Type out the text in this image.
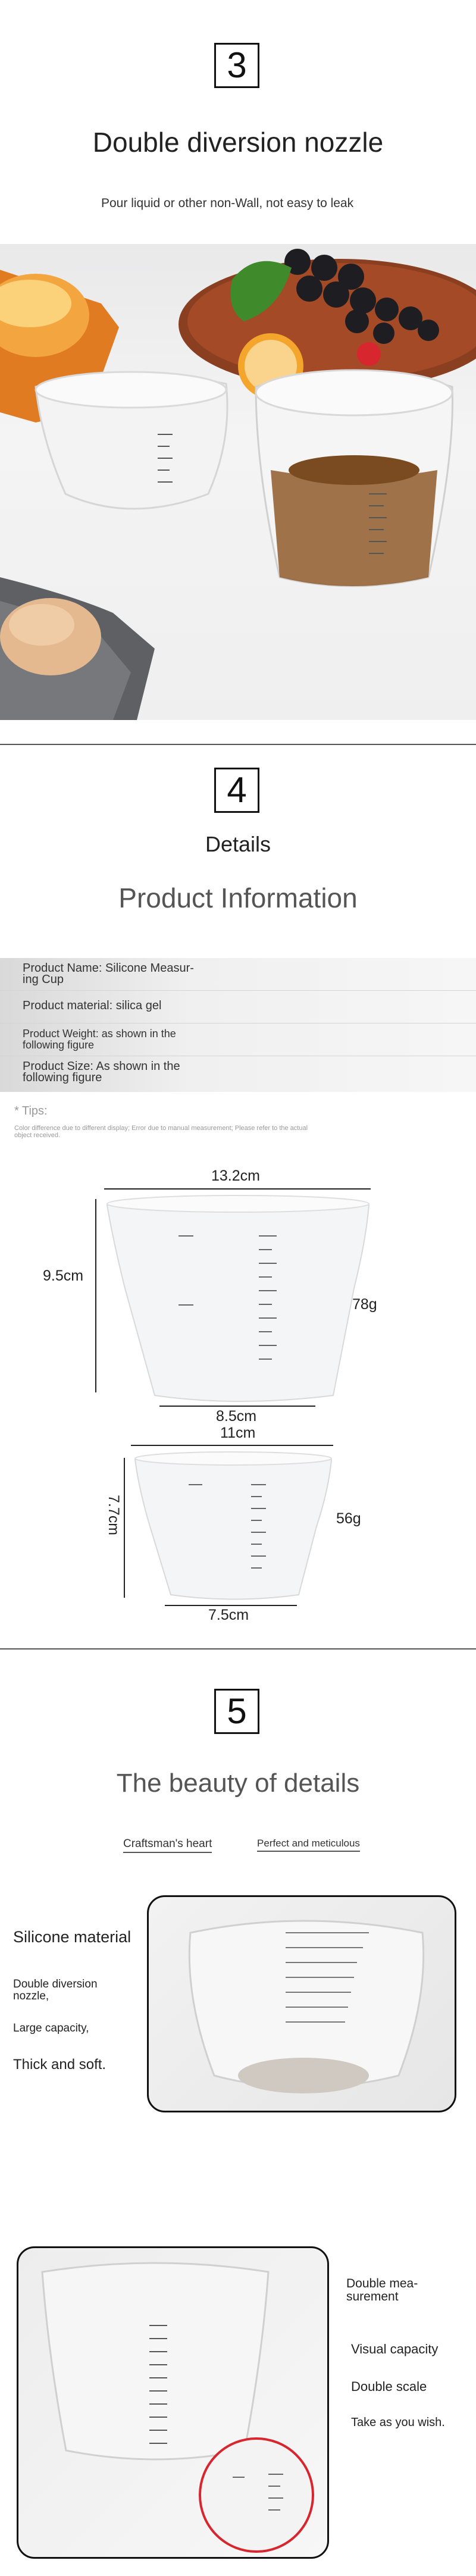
3
Double diversion nozzle
Pour liquid or other non-Wall, not easy to leak
4
Details
Product Information
Product Name: Silicone Measur-
ing Cup
Product material: silica gel
Product Weight: as shown in the following figure
Product Size: As shown in the following figure
* Tips:
Color difference due to different display; Error due to manual measurement; Please refer to the actual object received.
13.2cm
9.5cm
8.5cm
78g
11cm
7.7cm
7.5cm
56g
5
The beauty of details
Craftsman's heart	Perfect and meticulous
Silicone material
Double diversion nozzle,
Large capacity,
Thick and soft.
Double mea-
surement
Visual capacity
Double scale
Take as you wish.
